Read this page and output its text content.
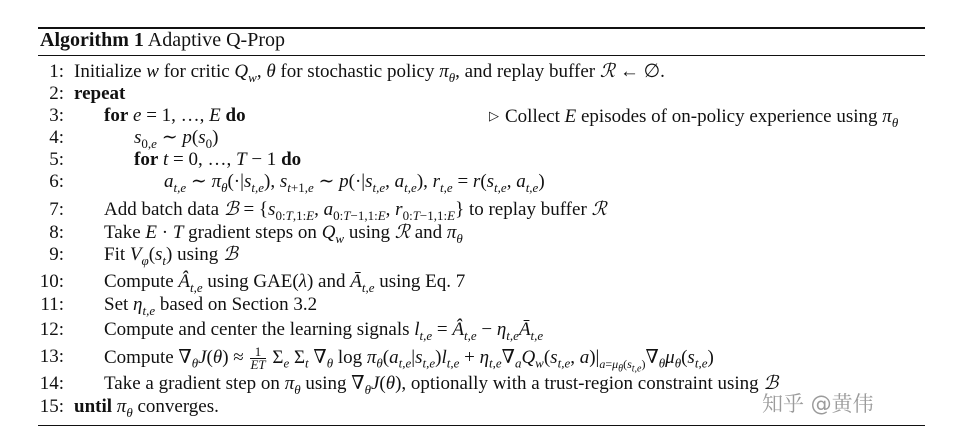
Algorithm 1 Adaptive Q-Prop
1: Initialize w for critic $Q_w$, θ for stochastic policy $\pi_\theta$, and replay buffer ℛ ← ∅.
2: repeat
3: for e = 1, …, E do	▷ Collect E episodes of on-policy experience using $\pi_\theta$
4:	$s_{0,e}$ ∼ $p(s_0)$
5:	for t = 0, …, T − 1 do
6:	$a_{t,e}$ ∼ $\pi_\theta(\cdot|s_{t,e})$, $s_{t+1,e}$ ∼ $p(\cdot|s_{t,e}$, $a_{t,e}$), $r_{t,e} = r(s_{t,e}$, $a_{t,e}$)
7: Add batch data ℬ = {$s_{0:T,1:E}$, $a_{0:T-1,1:E}$, $r_{0:T-1,1:E}$} to replay buffer ℛ
8: Take E · T gradient steps on $Q_w$ using ℛ and $\pi_\theta$
9: Fit $V_\varphi(s_t)$ using ℬ
10: Compute $Â_{t,e}$ using GAE(λ) and $Ā_{t,e}$ using Eq. 7
11: Set $\eta_{t,e}$ based on Section 3.2
12: Compute and center the learning signals $l_{t,e}$ = $Â_{t,e}$ − $\eta_{t,e}Ā_{t,e}$
13: Compute $\nabla_\theta J(\theta) \approx \frac{1}{ET} \Sigma_e$ $\Sigma_t$ $\nabla_\theta$ $\log \pi_\theta(a_{t,e}|s_{t,e})l_{t,e} + \eta_{t,e}\nabla_aQ_w(s_{t,e}$, $a)|_{a=\mu_\theta(s_{t,e})}\nabla_\theta\mu_\theta(s_{t,e})$
14: Take a gradient step on $\pi_\theta$ using $\nabla_\theta J(\theta)$, optionally with a trust-region constraint using ℬ
15: until $\pi_\theta$ converges.	知乎 @黄伟
